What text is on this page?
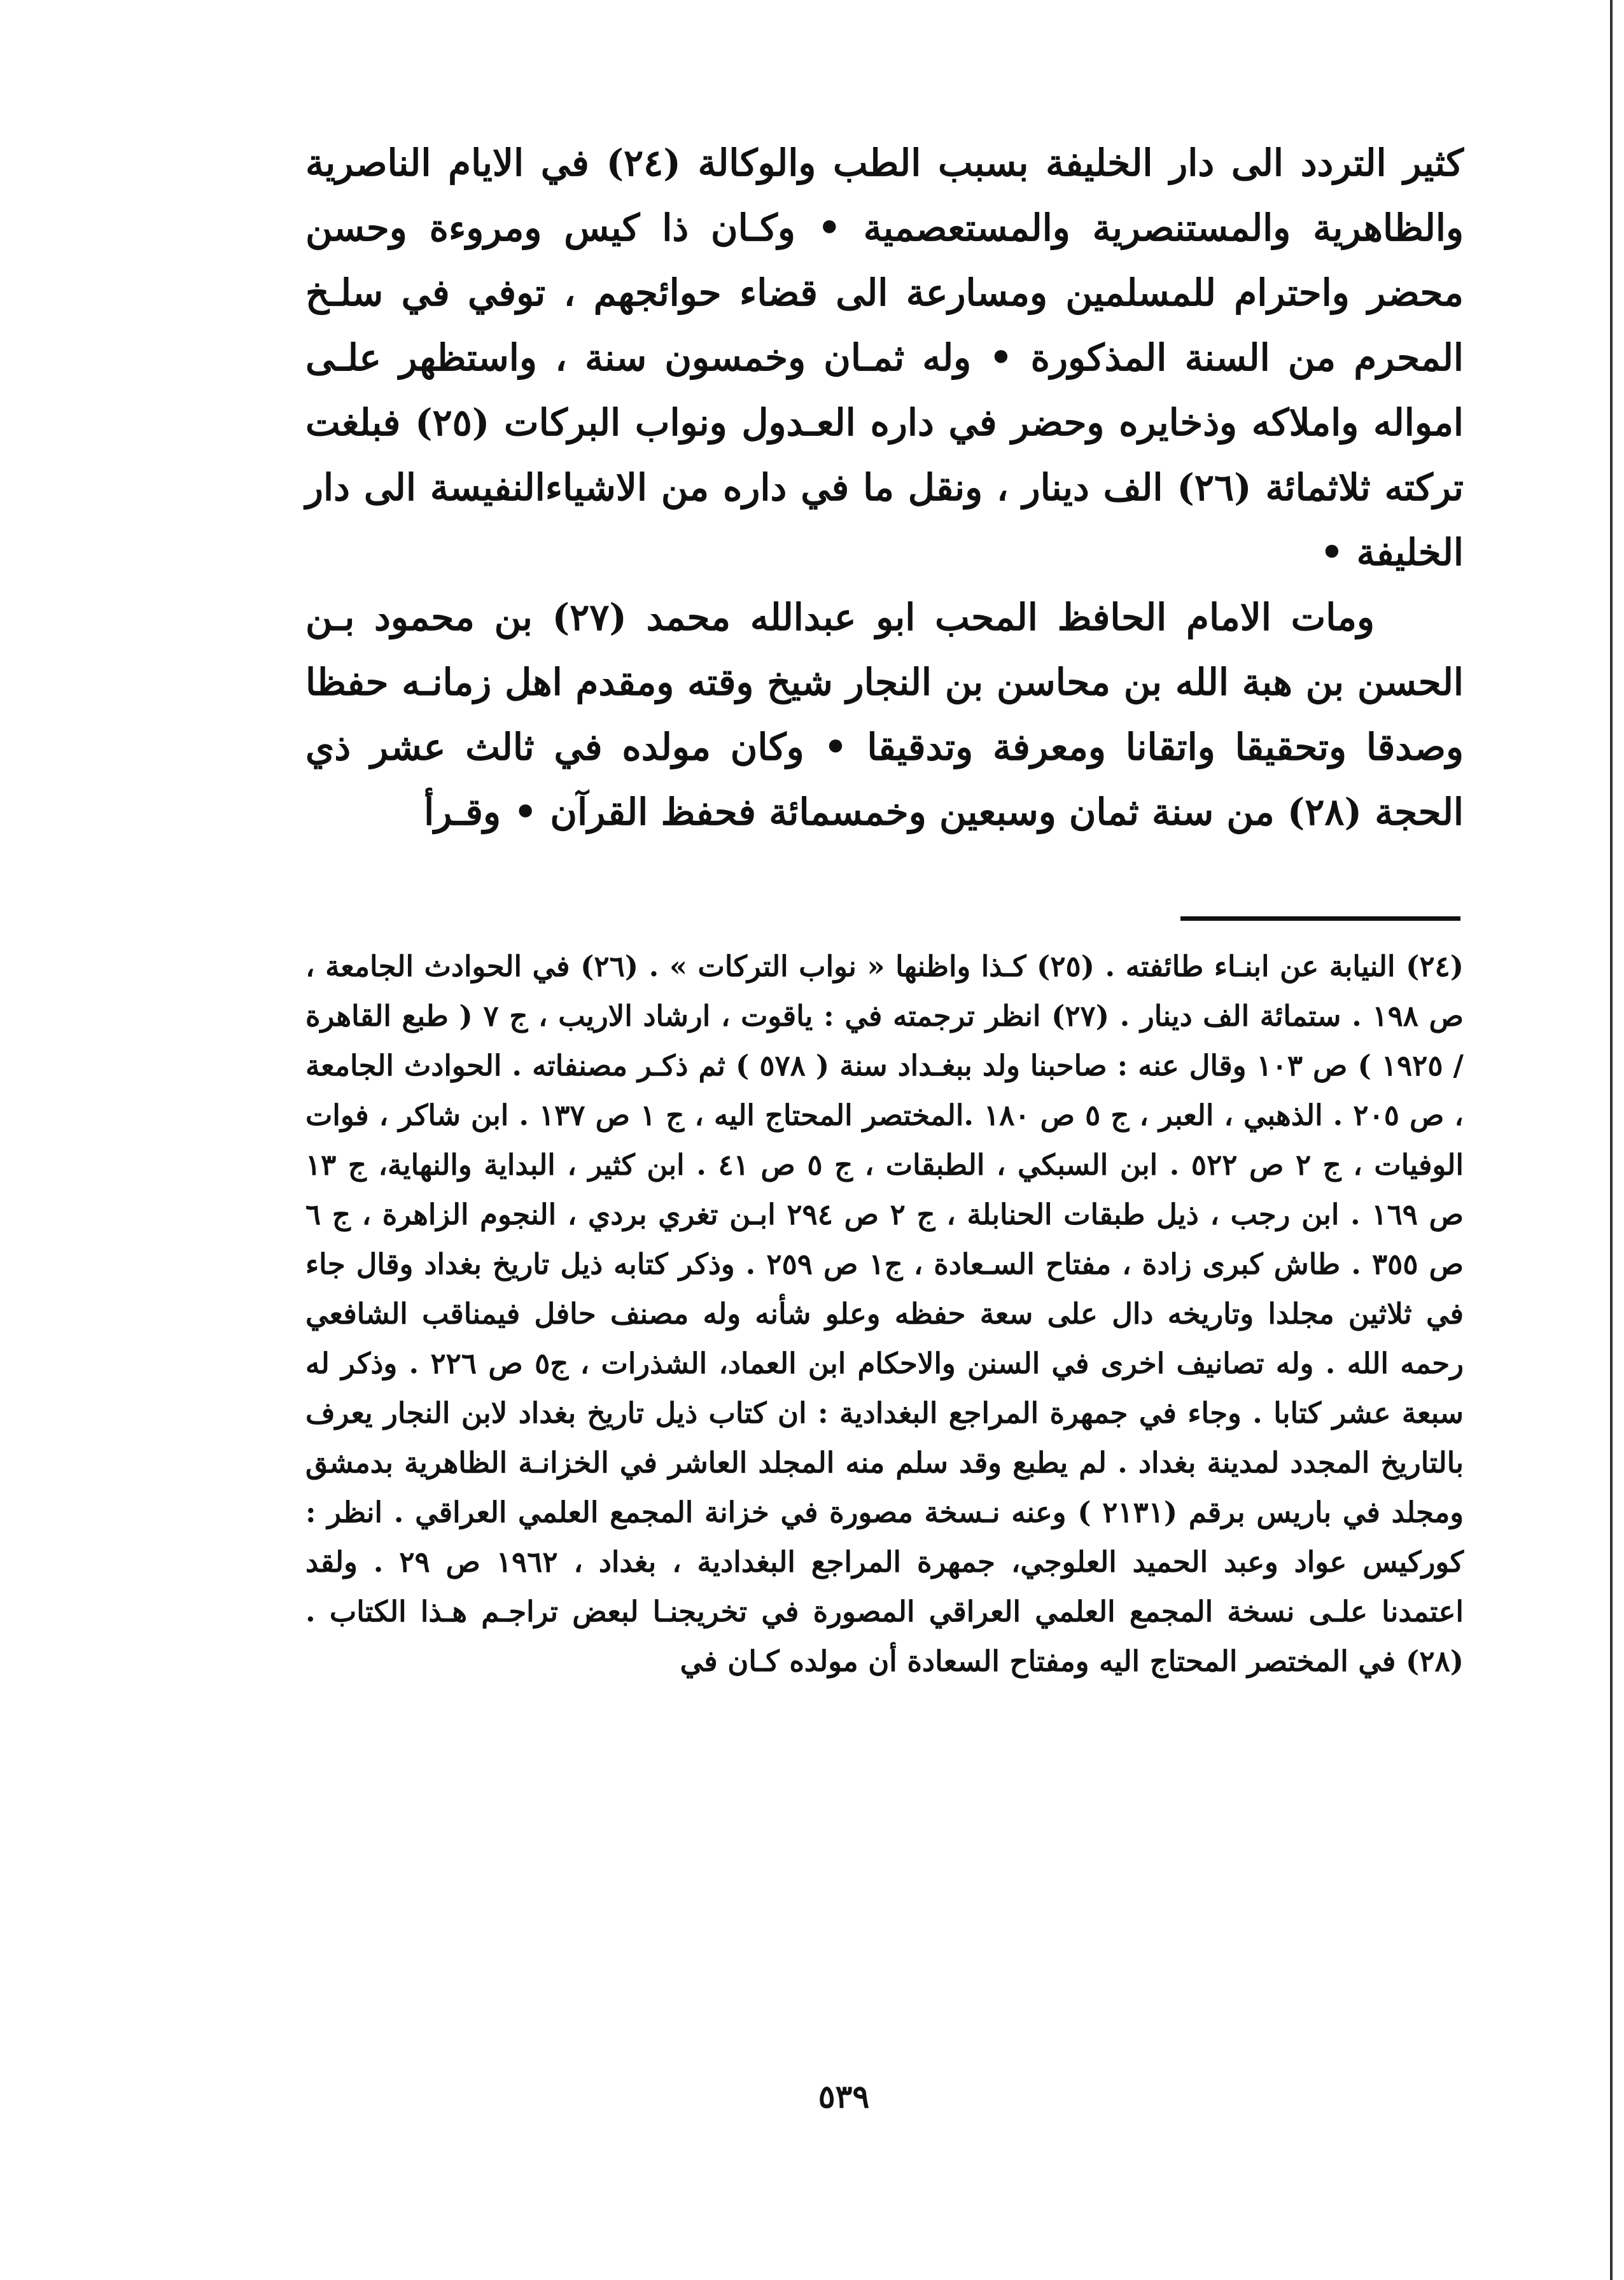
كثير التردد الى دار الخليفة بسبب الطب والوكالة (٢٤) في الايام الناصرية والظاهرية والمستنصرية والمستعصمية • وكـان ذا كيس ومروءة وحسن محضر واحترام للمسلمين ومسارعة الى قضاء حوائجهم ، توفي في سلـخ المحرم من السنة المذكورة • وله ثمـان وخمسون سنة ، واستظهر علـى امواله واملاكه وذخايره وحضر في داره العـدول ونواب البركات (٢٥) فبلغت تركته ثلاثمائة (٢٦) الف دينار ، ونقل ما في داره من الاشياءالنفيسة الى دار الخليفة •

ومات الامام الحافظ المحب ابو عبدالله محمد (٢٧) بن محمود بـن الحسن بن هبة الله بن محاسن بن النجار شيخ وقته ومقدم اهل زمانـه حفظا وصدقا وتحقيقا واتقانا ومعرفة وتدقيقا • وكان مولده في ثالث عشر ذي الحجة (٢٨) من سنة ثمان وسبعين وخمسمائة فحفظ القرآن • وقـرأ

(٢٤) النيابة عن ابنـاء طائفته . (٢٥) كـذا واظنها « نواب التركات » . (٢٦) في الحوادث الجامعة ، ص ١٩٨ . ستمائة الف دينار . (٢٧) انظر ترجمته في : ياقوت ، ارشاد الاريب ، ج ٧ ( طبع القاهرة / ١٩٢٥ ) ص ١٠٣ وقال عنه : صاحبنا ولد ببغـداد سنة ( ٥٧٨ ) ثم ذكـر مصنفاته . الحوادث الجامعة ، ص ٢٠٥ . الذهبي ، العبر ، ج ٥ ص ١٨٠ .المختصر المحتاج اليه ، ج ١ ص ١٣٧ . ابن شاكر ، فوات الوفيات ، ج ٢ ص ٥٢٢ . ابن السبكي ، الطبقات ، ج ٥ ص ٤١ . ابن كثير ، البداية والنهاية، ج ١٣ ص ١٦٩ . ابن رجب ، ذيل طبقات الحنابلة ، ج ٢ ص ٢٩٤ ابـن تغري بردي ، النجوم الزاهرة ، ج ٦ ص ٣٥٥ . طاش كبرى زادة ، مفتاح السـعادة ، ج١ ص ٢٥٩ . وذكر كتابه ذيل تاريخ بغداد وقال جاء في ثلاثين مجلدا وتاريخه دال على سعة حفظه وعلو شأنه وله مصنف حافل فيمناقب الشافعي رحمه الله . وله تصانيف اخرى في السنن والاحكام ابن العماد، الشذرات ، ج٥ ص ٢٢٦ . وذكر له سبعة عشر كتابا . وجاء في جمهرة المراجع البغدادية : ان كتاب ذيل تاريخ بغداد لابن النجار يعرف بالتاريخ المجدد لمدينة بغداد . لم يطبع وقد سلم منه المجلد العاشر في الخزانـة الظاهرية بدمشق ومجلد في باريس برقم (٢١٣١ ) وعنه نـسخة مصورة في خزانة المجمع العلمي العراقي . انظر : كوركيس عواد وعبد الحميد العلوجي، جمهرة المراجع البغدادية ، بغداد ، ١٩٦٢ ص ٢٩ . ولقد اعتمدنا علـى نسخة المجمع العلمي العراقي المصورة في تخريجنـا لبعض تراجـم هـذا الكتاب . (٢٨) في المختصر المحتاج اليه ومفتاح السعادة أن مولده كـان في

٥٣٩
